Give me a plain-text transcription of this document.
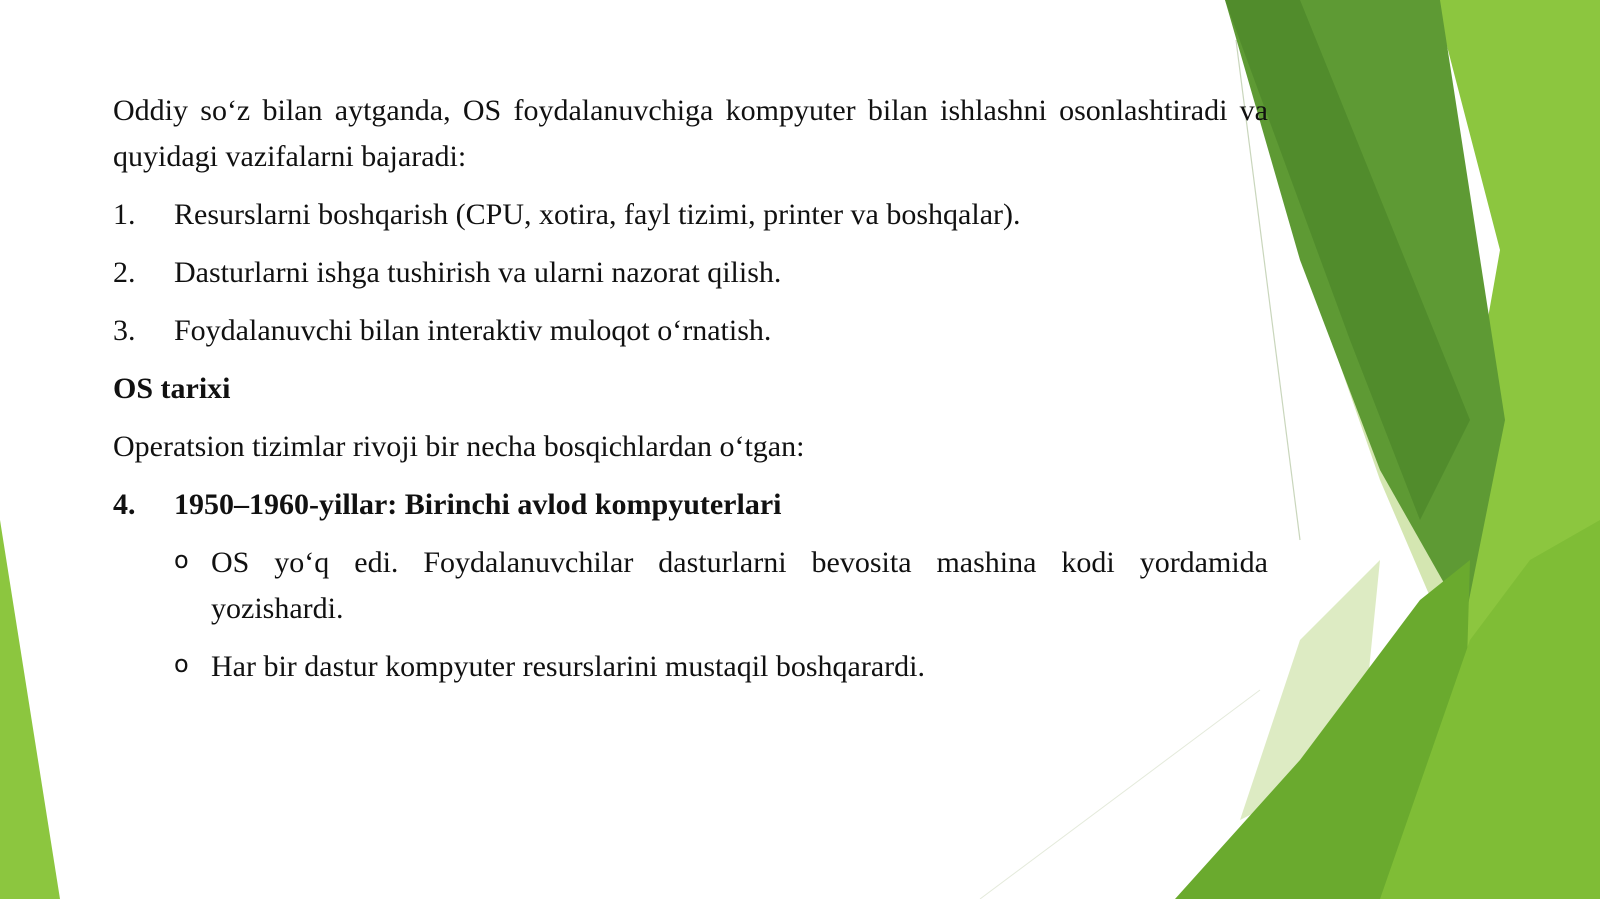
Oddiy so‘z bilan aytganda, OS foydalanuvchiga kompyuter bilan ishlashni osonlashtiradi va quyidagi vazifalarni bajaradi:

1.	Resurslarni boshqarish (CPU, xotira, fayl tizimi, printer va boshqalar).
2.	Dasturlarni ishga tushirish va ularni nazorat qilish.
3.	Foydalanuvchi bilan interaktiv muloqot o‘rnatish.

OS tarixi

Operatsion tizimlar rivoji bir necha bosqichlardan o‘tgan:

4.	1950–1960-yillar: Birinchi avlod kompyuterlari
o OS yo‘q edi. Foydalanuvchilar dasturlarni bevosita mashina kodi yordamida yozishardi.
o Har bir dastur kompyuter resurslarini mustaqil boshqarardi.
